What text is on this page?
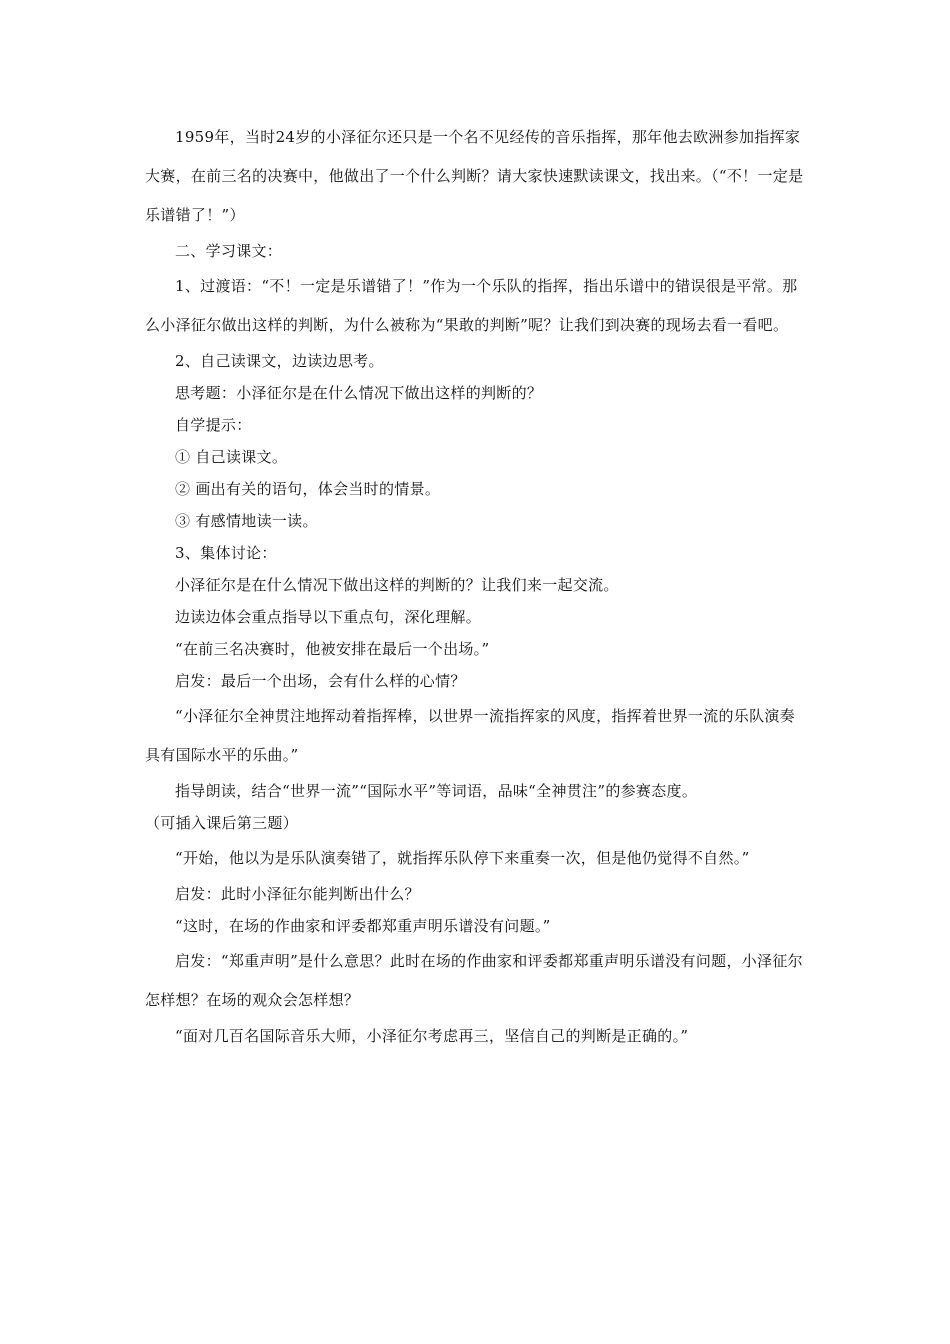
1959年，当时24岁的小泽征尔还只是一个名不见经传的音乐指挥，那年他去欧洲参加指挥家大赛，在前三名的决赛中，他做出了一个什么判断？请大家快速默读课文，找出来。（“不！一定是乐谱错了！”）

二、学习课文：

1、过渡语：“不！一定是乐谱错了！”作为一个乐队的指挥，指出乐谱中的错误很是平常。那么小泽征尔做出这样的判断，为什么被称为“果敢的判断”呢？让我们到决赛的现场去看一看吧。

2、自己读课文，边读边思考。

思考题：小泽征尔是在什么情况下做出这样的判断的？

自学提示：

① 自己读课文。

② 画出有关的语句，体会当时的情景。

③ 有感情地读一读。

3、集体讨论：

小泽征尔是在什么情况下做出这样的判断的？让我们来一起交流。

边读边体会重点指导以下重点句，深化理解。

“在前三名决赛时，他被安排在最后一个出场。”

启发：最后一个出场，会有什么样的心情？

“小泽征尔全神贯注地挥动着指挥棒，以世界一流指挥家的风度，指挥着世界一流的乐队演奏具有国际水平的乐曲。”

指导朗读，结合“世界一流”“国际水平”等词语，品味“全神贯注”的参赛态度。

（可插入课后第三题）

“开始，他以为是乐队演奏错了，就指挥乐队停下来重奏一次，但是他仍觉得不自然。”

启发：此时小泽征尔能判断出什么？

“这时，在场的作曲家和评委都郑重声明乐谱没有问题。”

启发：“郑重声明”是什么意思？此时在场的作曲家和评委都郑重声明乐谱没有问题，小泽征尔怎样想？在场的观众会怎样想？

“面对几百名国际音乐大师，小泽征尔考虑再三，坚信自己的判断是正确的。”
